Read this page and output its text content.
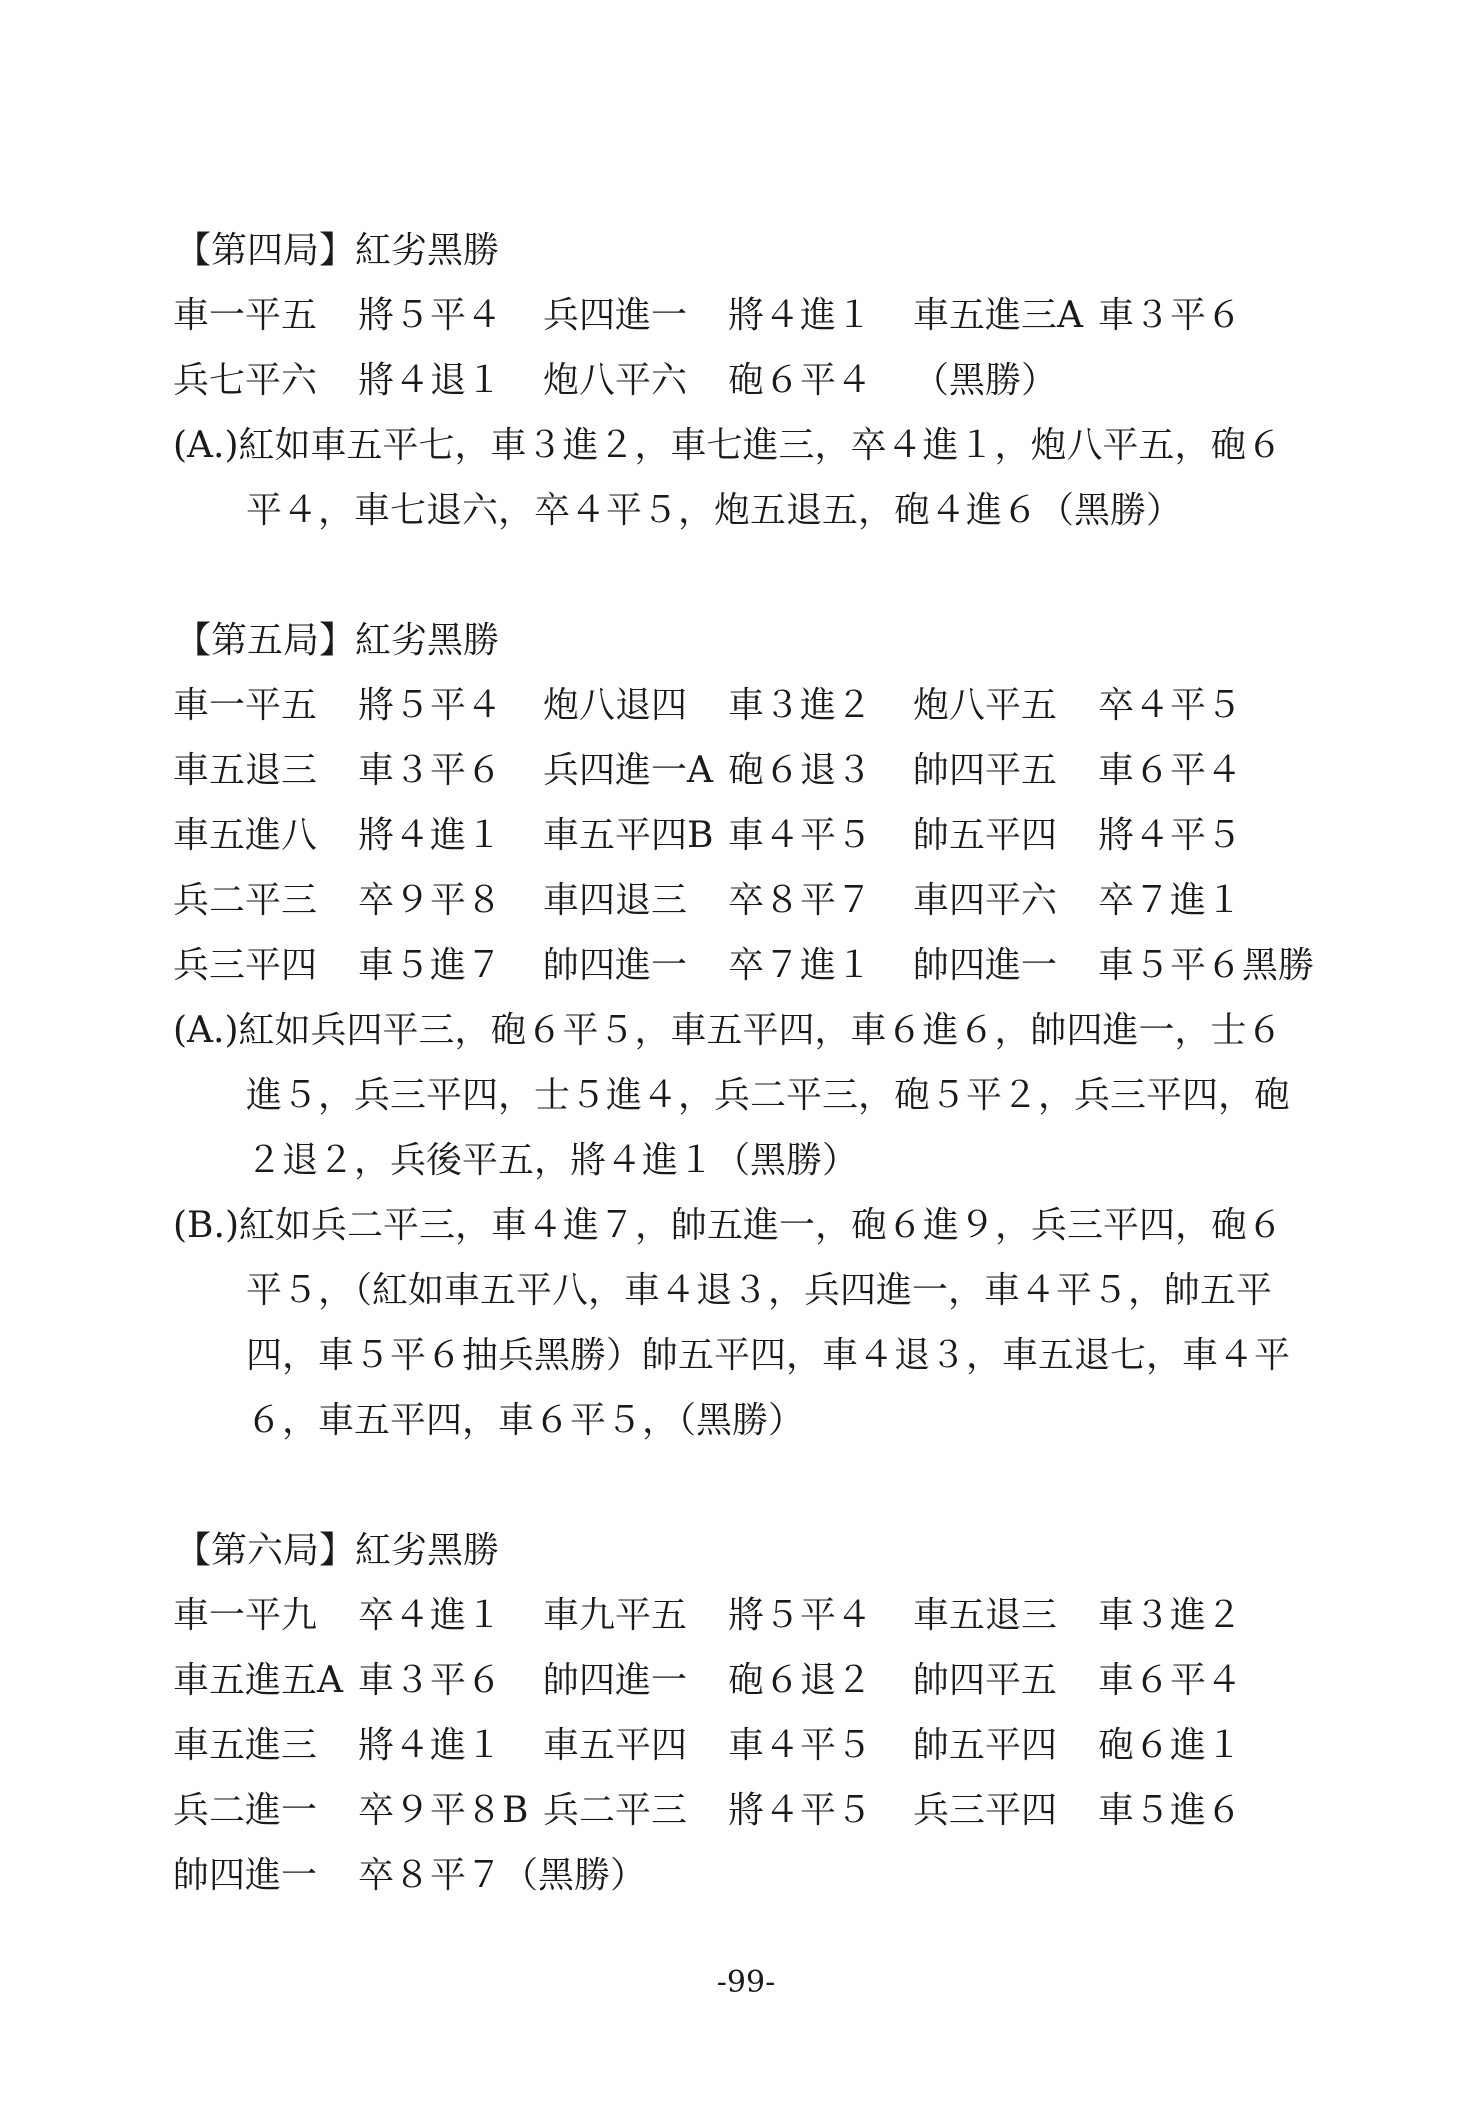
【第四局】紅劣黑勝
車一平五	將５平４	兵四進一	將４進１	車五進三A 車３平６
兵七平六	將４退１	炮八平六	砲６平４	（黑勝）
(A.)紅如車五平七，車３進２，車七進三，卒４進１，炮八平五，砲６
平４，車七退六，卒４平５，炮五退五，砲４進６（黑勝）
【第五局】紅劣黑勝
車一平五	將５平４	炮八退四	車３進２	炮八平五	卒４平５
車五退三	車３平６	兵四進一A 砲６退３	帥四平五	車６平４
車五進八	將４進１	車五平四B 車４平５	帥五平四	將４平５
兵二平三	卒９平８	車四退三	卒８平７	車四平六	卒７進１
兵三平四	車５進７	帥四進一	卒７進１	帥四進一	車５平６黑勝
(A.)紅如兵四平三，砲６平５，車五平四，車６進６，帥四進一，士６
進５，兵三平四，士５進４，兵二平三，砲５平２，兵三平四，砲
２退２，兵後平五，將４進１（黑勝）
(B.)紅如兵二平三，車４進７，帥五進一，砲６進９，兵三平四，砲６
平５，（紅如車五平八，車４退３，兵四進一，車４平５，帥五平
四，車５平６抽兵黑勝）帥五平四，車４退３，車五退七，車４平
６，車五平四，車６平５，（黑勝）
【第六局】紅劣黑勝
車一平九	卒４進１	車九平五	將５平４	車五退三	車３進２
車五進五A 車３平６	帥四進一	砲６退２	帥四平五	車６平４
車五進三	將４進１	車五平四	車４平５	帥五平四	砲６進１
兵二進一	卒９平８B 兵二平三	將４平５	兵三平四	車５進６
帥四進一	卒８平７（黑勝）
-99-
